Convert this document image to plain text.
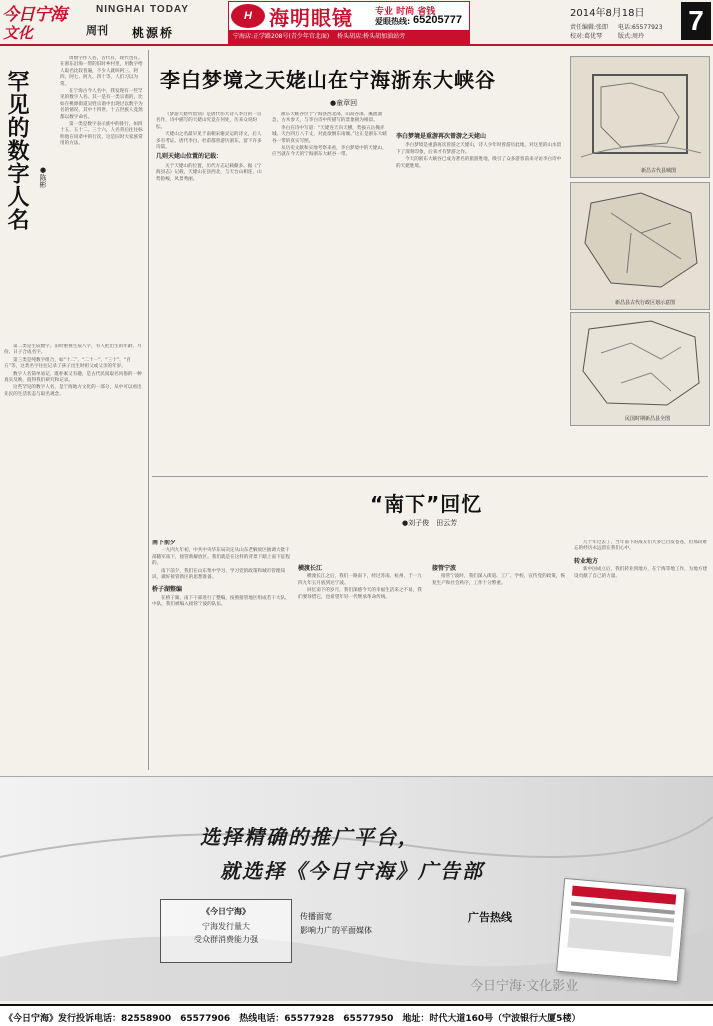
今日宁海	NINGHAI TODAY
文化	周刊 桃源桥
H 海明眼镜 专业 时尚 省钱
爱眼热线: 65205777
宁海店:正学路208号(青少年宫北面) 桥头胡店:桥头胡加油站旁
2014年8月18日
责任编辑:张即 电话:65577923
校对:葛优琴	版式:周玲
7
罕见的数字人名	●陈彬

周数字作人名，古代有，现代也有。在浙东沿海一带的旧时乡村里，用数字给人取名比较普遍，不少人就叫阿三、阿四、阿七、阿九、四十等，人们习以为常。

在宁海古今人名中，我发现有一些罕见的数字人名。其一是有一类宗谱的，比如在桃源街道吴姓宗谱中出现过以数字为名的情况，其中十四世、十五世族人竟然都以数字命名。

第一类是数字表示族中的排行。如四十五、五十二、三十六，人名背后往往标明他在同辈中的行次，这是旧时大家族常用的方法。

第二类是生辰数字。旧时重视生辰八字，有人把出生的年龄、月份、日子合成名字。

第三类是纯数字组合，如“十二”、“二十一”、“三十”、“百五”等，这类名字往往记录了孩子出生时祖父或父亲的年岁。

数字人名简单易记，既朴素又有趣，是古代民间取名风俗的一种真实反映，值得我们研究和记录。

这些罕见的数字人名，是宁海地方文化的一部分，从中可以看出先民的生活状态与取名观念。

李白梦境之天姥山在宁海浙东大峡谷
●童章回

《梦游天姥吟留别》是唐代伟大诗人李白的一首名作，诗中描写的天姥山究竟在何处，历来众说纷纭。

天姥山之名最早见于南朝宋谢灵运的诗文，后人多有考证。唐代李白、杜甫都曾游历浙东，留下许多诗篇。

几则天姥山位置的记载：

关于天姥山的位置，历代方志记载颇多。据《宁海县志》记载，天姥山在县西北，与天台山相连，山势险峻，风景秀丽。

浙东大峡谷位于宁海县西北部，山高谷深，溪流湍急，古木参天，与李白诗中所描写的景象极为相似。

李白在诗中写道：“天姥连天向天横，势拔五岳掩赤城。天台四万八千丈，对此欲倒东南倾。”这正是浙东大峡谷一带的真实写照。

从历史文献和实地考察来看，李白梦境中的天姥山，应当就在今天的宁海浙东大峡谷一带。

李白梦境是重游再次曾游之天姥山

李白梦境是重游再次曾游之天姥山，诗人少年时曾游历此地，对这里的山水留下了深刻印象，后来才有梦游之作。

今天的浙东大峡谷已成为著名的旅游胜地，吸引了众多游客前来寻访李白诗中的天姥胜境。

新昌古代县城图
新昌县古代行政区划示意图
民国时期新昌县全图
“南下”回忆
●刘子俊　田云芳
南下前夕

一九四九年初，中共中央华东局决定从山东老解放区抽调大批干部随军南下，接管新解放区。我们就是在这样的背景下踏上南下征程的。

南下前夕，我们在山东集中学习，学习党的政策和城市管理知识，做好接管新区的思想准备。

桥子湖整编

在桥子湖，南下干部进行了整编，按照接管地区组成若干大队、中队，我们被编入接管宁波的队伍。

横渡长江

横渡长江之后，我们一路南下，经过苏南、杭州，于一九四九年五月底到达宁波。

回忆南下的岁月，我们深感今天的幸福生活来之不易，我们要珍惜它，也希望年轻一代继承革命传统。

接管宁波

接管宁波时，我们深入街道、工厂、学校，宣传党的政策，恢复生产和社会秩序，工作十分繁重。

几十年过去了，当年南下的战友们大多已白发苍苍，但那段难忘的经历永远留在我们心中。

转业地方

新中国成立后，我们转业到地方，在宁海等地工作，为地方建设贡献了自己的力量。

选择精确的推广平台，
就选择《今日宁海》广告部
《今日宁海》
宁海发行量大
受众群消费能力强
传播面宽
影响力广的平面媒体
广告热线
今日宁海·文化影业
《今日宁海》发行投诉电话：82558900　65577906　热线电话：65577928　65577950　地址：时代大道160号（宁波银行大厦5楼）
